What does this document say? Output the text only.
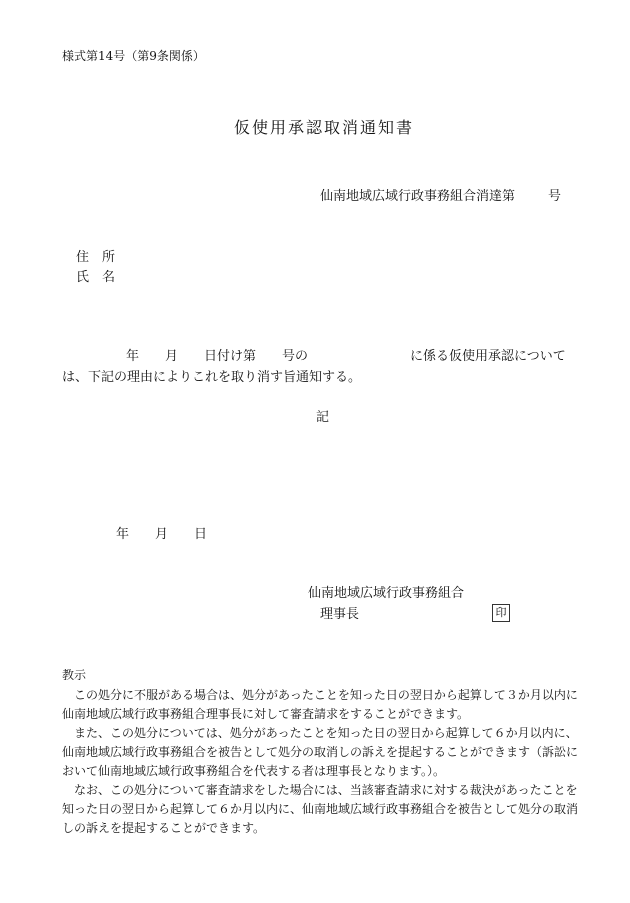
様式第14号（第9条関係）
仮使用承認取消通知書
仙南地域広域行政事務組合消達第	号
住　所
氏　名
年　　月　　日付け第　　号の	に係る仮使用承認について
は、下記の理由によりこれを取り消す旨通知する。
記
年　　月　　日
仙南地域広域行政事務組合
理事長	印
教示
　この処分に不服がある場合は、処分があったことを知った日の翌日から起算して３か月以内に
仙南地域広域行政事務組合理事長に対して審査請求をすることができます。
　また、この処分については、処分があったことを知った日の翌日から起算して６か月以内に、
仙南地域広域行政事務組合を被告として処分の取消しの訴えを提起することができます（訴訟に
おいて仙南地域広域行政事務組合を代表する者は理事長となります。）。
　なお、この処分について審査請求をした場合には、当該審査請求に対する裁決があったことを
知った日の翌日から起算して６か月以内に、仙南地域広域行政事務組合を被告として処分の取消
しの訴えを提起することができます。
